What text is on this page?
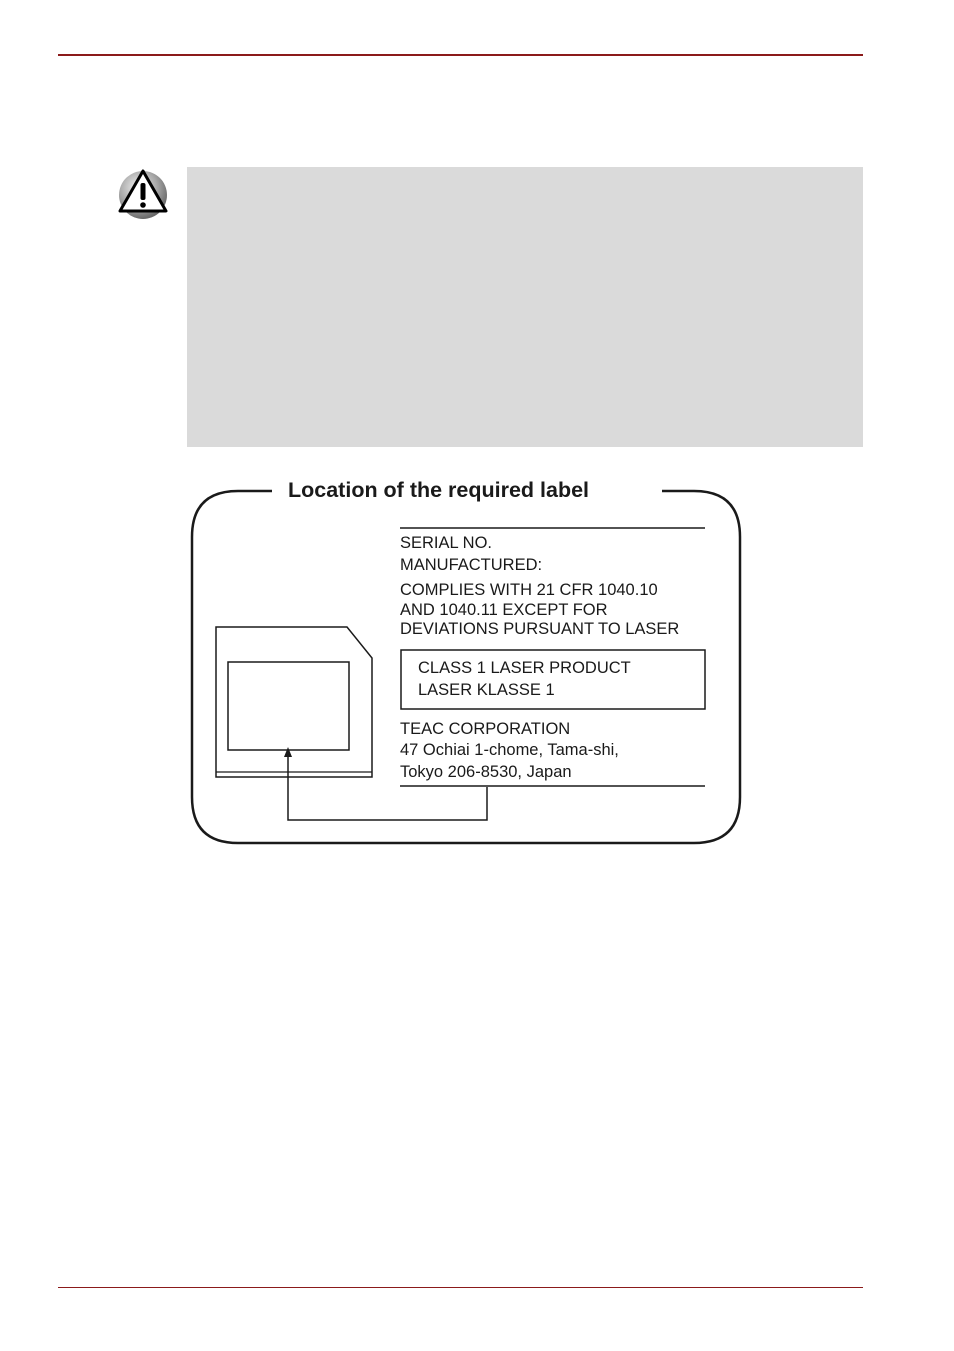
Location of the required label
SERIAL NO.
MANUFACTURED:
COMPLIES WITH 21 CFR 1040.10
AND 1040.11 EXCEPT FOR
DEVIATIONS PURSUANT TO LASER
CLASS 1 LASER PRODUCT
LASER KLASSE 1
TEAC CORPORATION
47 Ochiai 1-chome, Tama-shi,
Tokyo 206-8530, Japan
